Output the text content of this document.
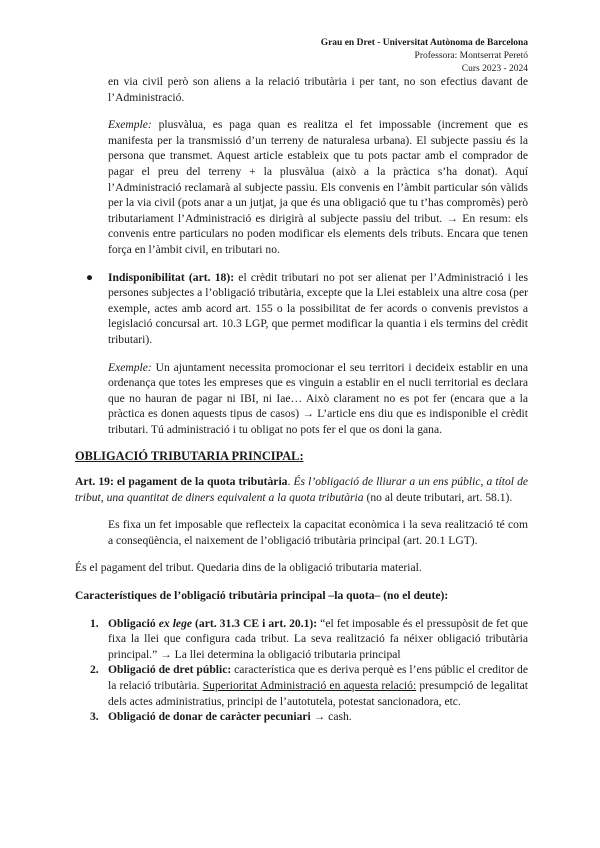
Grau en Dret - Universitat Autònoma de Barcelona
Professora: Montserrat Peretó
Curs 2023 - 2024

en via civil però son aliens a la relació tributària i per tant, no son efectius davant de l’Administració.

Exemple: plusvàlua, es paga quan es realitza el fet impossable (increment que es manifesta per la transmissió d’un terreny de naturalesa urbana). El subjecte passiu és la persona que transmet. Aquest article estableix que tu pots pactar amb el comprador de pagar el preu del terreny + la plusvàlua (això a la pràctica s’ha donat). Aquí l’Administració reclamarà al subjecte passiu. Els convenis en l’àmbit particular són vàlids per la via civil (pots anar a un jutjat, ja que és una obligació que tu t’has compromès) però tributariament l’Administració es dirigirà al subjecte passiu del tribut. → En resum: els convenis entre particulars no poden modificar els elements dels tributs. Encara que tenen força en l’àmbit civil, en tributari no.

● Indisponibilitat (art. 18): el crèdit tributari no pot ser alienat per l’Administració i les persones subjectes a l’obligació tributària, excepte que la Llei estableix una altre cosa (per exemple, actes amb acord art. 155 o la possibilitat de fer acords o convenis previstos a legislació concursal art. 10.3 LGP, que permet modificar la quantia i els termins del crèdit tributari).

Exemple: Un ajuntament necessita promocionar el seu territori i decideix establir en una ordenança que totes les empreses que es vinguin a establir en el nucli territorial es declara que no hauran de pagar ni IBI, ni Iae… Això clarament no es pot fer (encara que a la pràctica es donen aquests tipus de casos) → L’article ens diu que es indisponible el crèdit tributari. Tú administració i tu obligat no pots fer el que os doni la gana.

OBLIGACIÓ TRIBUTARIA PRINCIPAL:

Art. 19: el pagament de la quota tributària. És l’obligació de lliurar a un ens públic, a títol de tribut, una quantitat de diners equivalent a la quota tributària (no al deute tributari, art. 58.1).

Es fixa un fet imposable que reflecteix la capacitat econòmica i la seva realització té com a conseqüència, el naixement de l’obligació tributària principal (art. 20.1 LGT).

És el pagament del tribut. Quedaria dins de la obligació tributaria material.

Característiques de l’obligació tributària principal –la quota– (no el deute):

1. Obligació ex lege (art. 31.3 CE i art. 20.1): “el fet imposable és el pressupòsit de fet que fixa la llei que configura cada tribut. La seva realització fa néixer obligació tributària principal.” → La llei determina la obligació tributaria principal

2. Obligació de dret públic: característica que es deriva perquè es l’ens públic el creditor de la relació tributària. Superioritat Administració en aquesta relació: presumpció de legalitat dels actes administratius, principi de l’autotutela, potestat sancionadora, etc.

3. Obligació de donar de caràcter pecuniari → cash.
